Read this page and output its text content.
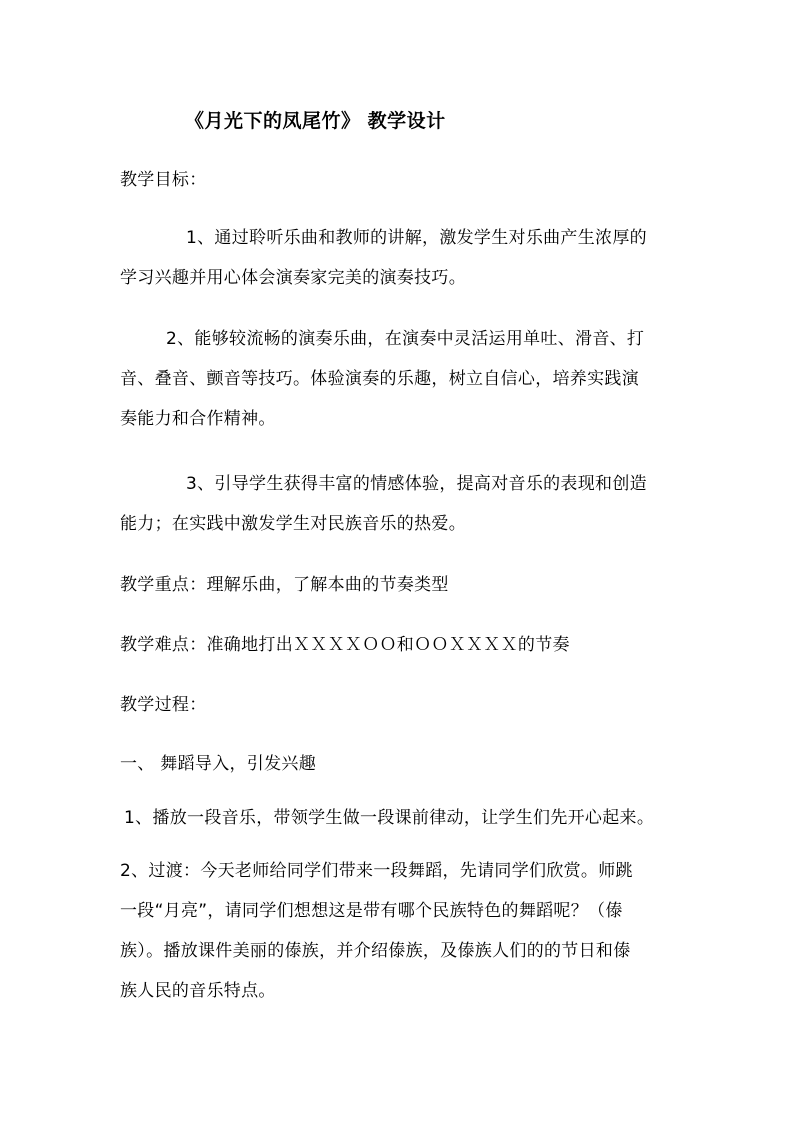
《月光下的凤尾竹》 教学设计
教学目标：
1、通过聆听乐曲和教师的讲解，激发学生对乐曲产生浓厚的
学习兴趣并用心体会演奏家完美的演奏技巧。
2、能够较流畅的演奏乐曲，在演奏中灵活运用单吐、滑音、打
音、叠音、颤音等技巧。体验演奏的乐趣，树立自信心，培养实践演
奏能力和合作精神。
3、引导学生获得丰富的情感体验，提高对音乐的表现和创造
能力；在实践中激发学生对民族音乐的热爱。
教学重点：理解乐曲，了解本曲的节奏类型
教学难点：准确地打出ＸＸＸＸＯＯ和ＯＯＸＸＸＸ的节奏
教学过程：
一、 舞蹈导入，引发兴趣
1、播放一段音乐，带领学生做一段课前律动，让学生们先开心起来。
2、过渡：今天老师给同学们带来一段舞蹈，先请同学们欣赏。师跳
一段“月亮”，请同学们想想这是带有哪个民族特色的舞蹈呢？（傣
族）。播放课件美丽的傣族，并介绍傣族，及傣族人们的的节日和傣
族人民的音乐特点。
